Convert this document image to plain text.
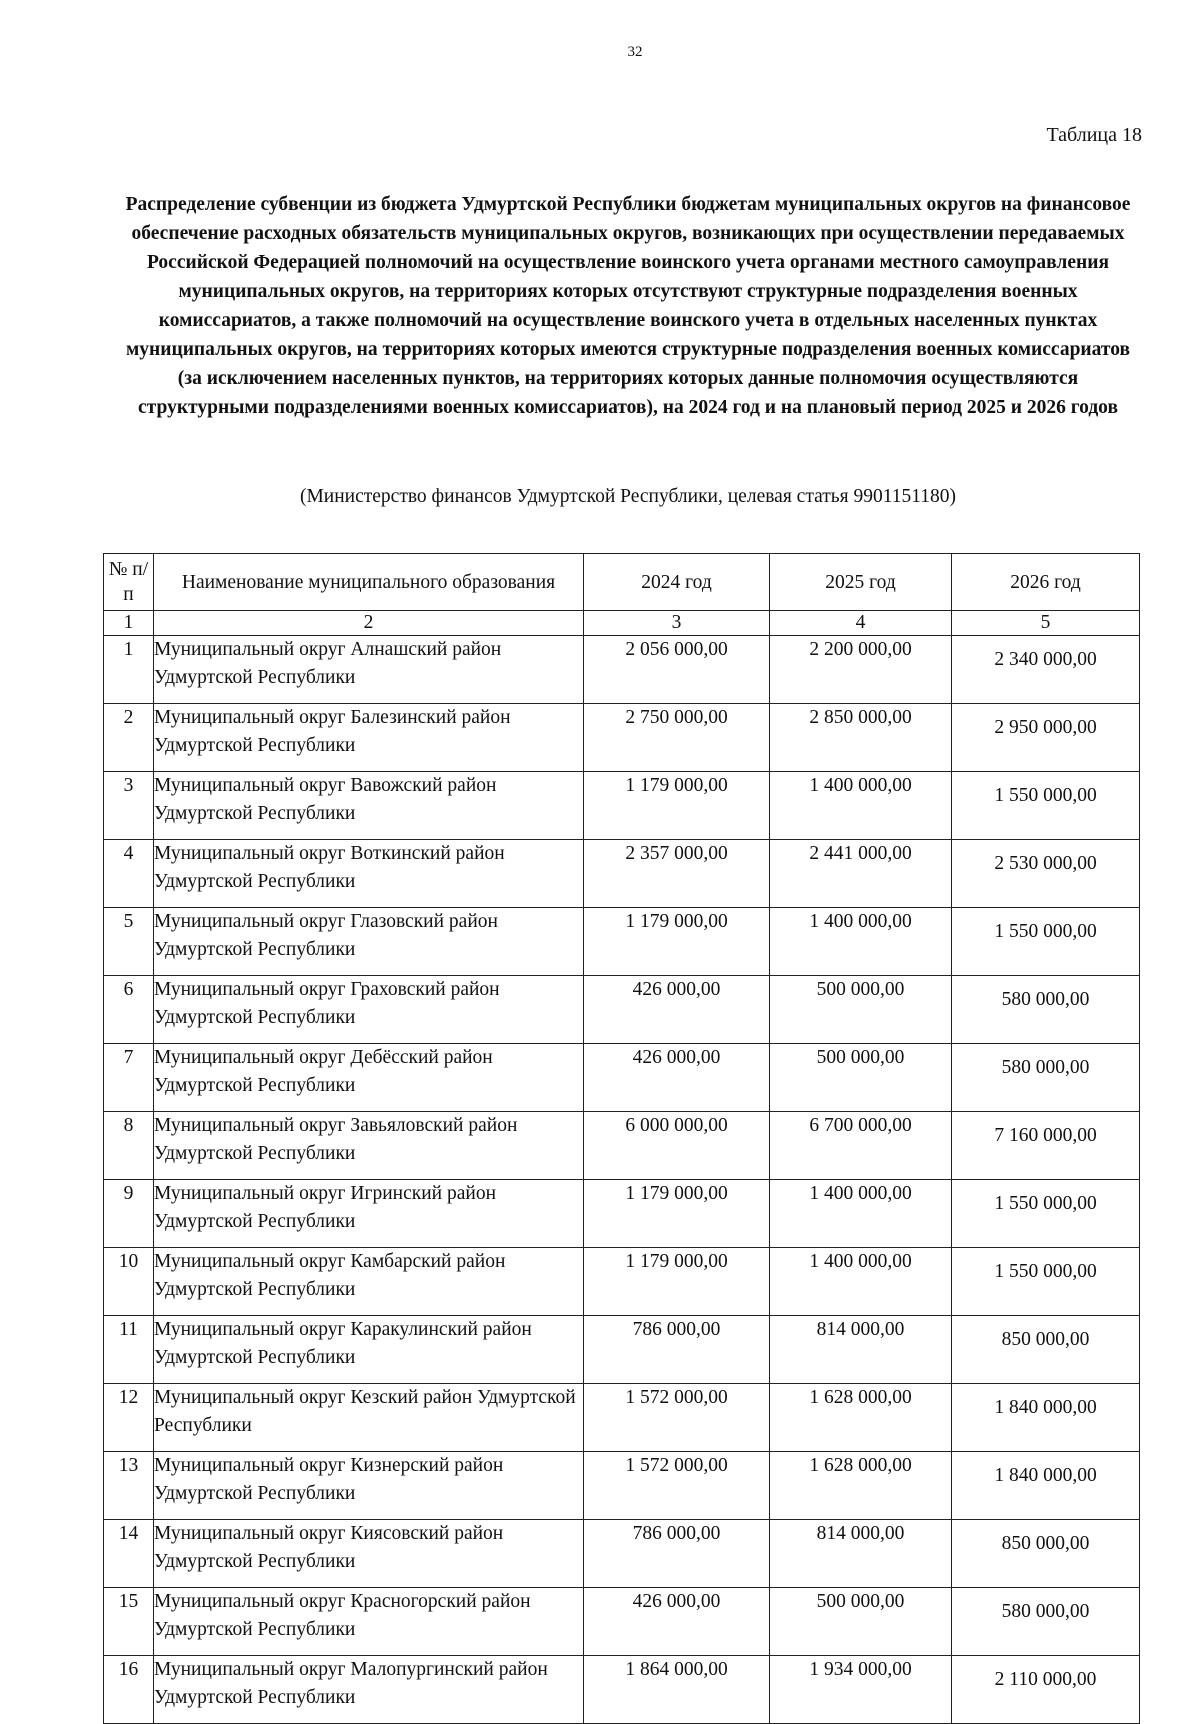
32
Таблица 18
Распределение субвенции из бюджета Удмуртской Республики бюджетам муниципальных округов на финансовое обеспечение расходных обязательств муниципальных округов, возникающих при осуществлении передаваемых Российской Федерацией полномочий на осуществление воинского учета органами местного самоуправления муниципальных округов, на территориях которых отсутствуют структурные подразделения военных комиссариатов, а также полномочий на осуществление воинского учета в отдельных населенных пунктах муниципальных округов, на территориях которых имеются структурные подразделения военных комиссариатов (за исключением населенных пунктов, на территориях которых данные полномочия осуществляются структурными подразделениями военных комиссариатов), на 2024 год и на плановый период 2025 и 2026 годов
(Министерство финансов Удмуртской Республики, целевая статья 9901151180)
№ п/п	Наименование муниципального образования	2024 год	2025 год	2026 год
1	2	3	4	5
1	Муниципальный округ Алнашский район Удмуртской Республики	2 056 000,00	2 200 000,00	2 340 000,00
2	Муниципальный округ Балезинский район Удмуртской Республики	2 750 000,00	2 850 000,00	2 950 000,00
3	Муниципальный округ Вавожский район Удмуртской Республики	1 179 000,00	1 400 000,00	1 550 000,00
4	Муниципальный округ Воткинский район Удмуртской Республики	2 357 000,00	2 441 000,00	2 530 000,00
5	Муниципальный округ Глазовский район Удмуртской Республики	1 179 000,00	1 400 000,00	1 550 000,00
6	Муниципальный округ Граховский район Удмуртской Республики	426 000,00	500 000,00	580 000,00
7	Муниципальный округ Дебёсский район Удмуртской Республики	426 000,00	500 000,00	580 000,00
8	Муниципальный округ Завьяловский район Удмуртской Республики	6 000 000,00	6 700 000,00	7 160 000,00
9	Муниципальный округ Игринский район Удмуртской Республики	1 179 000,00	1 400 000,00	1 550 000,00
10	Муниципальный округ Камбарский район Удмуртской Республики	1 179 000,00	1 400 000,00	1 550 000,00
11	Муниципальный округ Каракулинский район Удмуртской Республики	786 000,00	814 000,00	850 000,00
12	Муниципальный округ Кезский район Удмуртской Республики	1 572 000,00	1 628 000,00	1 840 000,00
13	Муниципальный округ Кизнерский район Удмуртской Республики	1 572 000,00	1 628 000,00	1 840 000,00
14	Муниципальный округ Киясовский район Удмуртской Республики	786 000,00	814 000,00	850 000,00
15	Муниципальный округ Красногорский район Удмуртской Республики	426 000,00	500 000,00	580 000,00
16	Муниципальный округ Малопургинский район Удмуртской Республики	1 864 000,00	1 934 000,00	2 110 000,00
